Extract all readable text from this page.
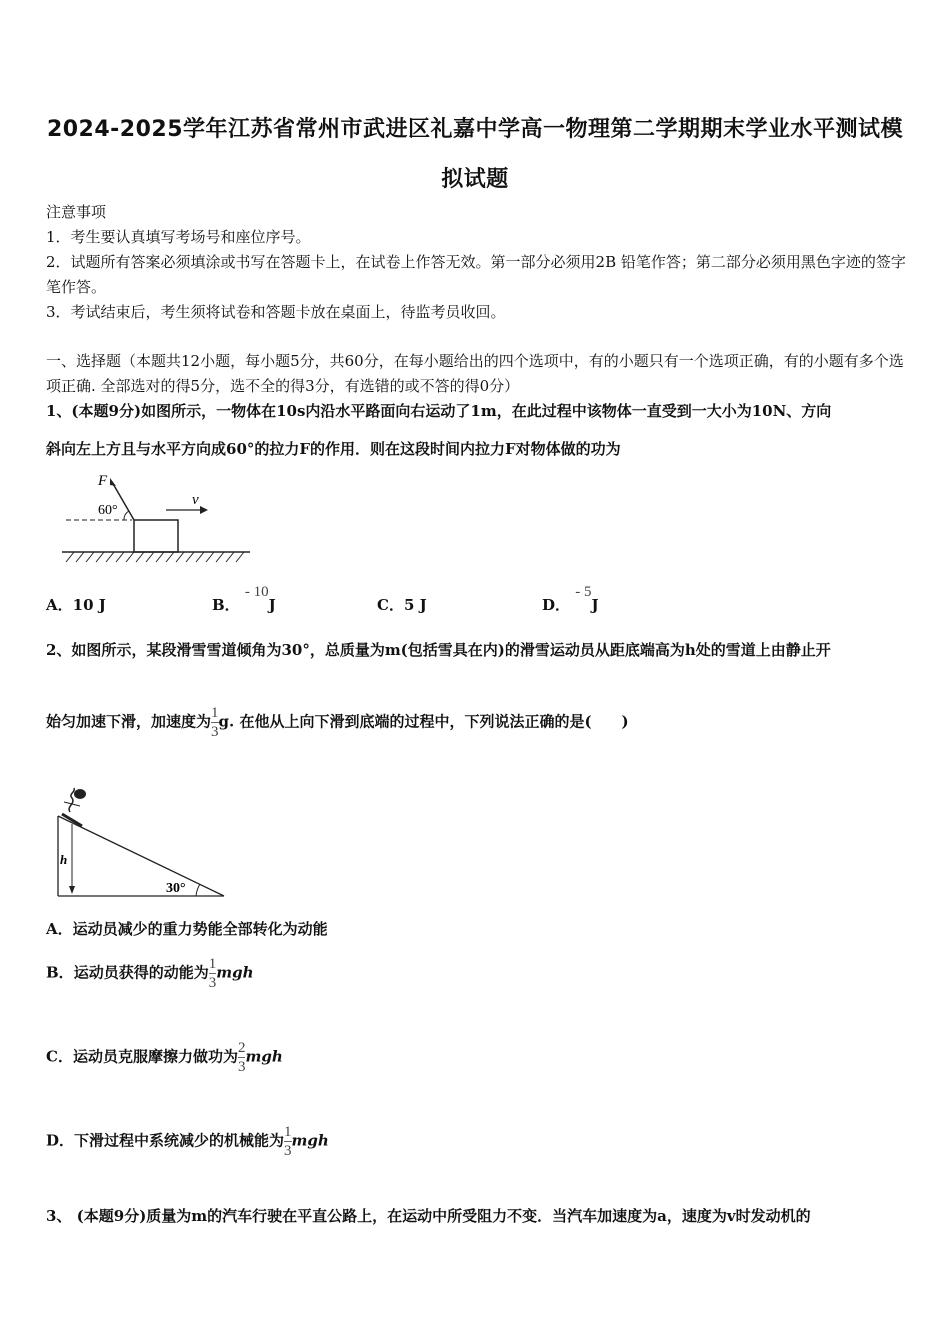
2024-2025学年江苏省常州市武进区礼嘉中学高一物理第二学期期末学业水平测试模
拟试题
注意事项
1．考生要认真填写考场号和座位序号。
2．试题所有答案必须填涂或书写在答题卡上，在试卷上作答无效。第一部分必须用2B 铅笔作答；第二部分必须用黑色字迹的签字笔作答。
3．考试结束后，考生须将试卷和答题卡放在桌面上，待监考员收回。
一、选择题（本题共12小题，每小题5分，共60分，在每小题给出的四个选项中，有的小题只有一个选项正确，有的小题有多个选项正确. 全部选对的得5分，选不全的得3分，有选错的或不答的得0分）
1、(本题9分)如图所示，一物体在10s内沿水平路面向右运动了1m，在此过程中该物体一直受到一大小为10N、方向
斜向左上方且与水平方向成60°的拉力F的作用．则在这段时间内拉力F对物体做的功为
F
60°
v
A．10 J	B． - 10J	C．5 J	D． - 5J
2、如图所示，某段滑雪雪道倾角为30°，总质量为m(包括雪具在内)的滑雪运动员从距底端高为h处的雪道上由静止开
始匀加速下滑，加速度为 $\frac{1}{3} g$. 在他从上向下滑到底端的过程中，下列说法正确的是(　　)
h
30°
A．运动员减少的重力势能全部转化为动能
B．运动员获得的动能为 $\frac{1}{3}$ mgh
C．运动员克服摩擦力做功为 $\frac{2}{3}$ mgh
D．下滑过程中系统减少的机械能为 $\frac{1}{3}$ mgh
3、 (本题9分)质量为m的汽车行驶在平直公路上，在运动中所受阻力不变．当汽车加速度为a，速度为v时发动机的
